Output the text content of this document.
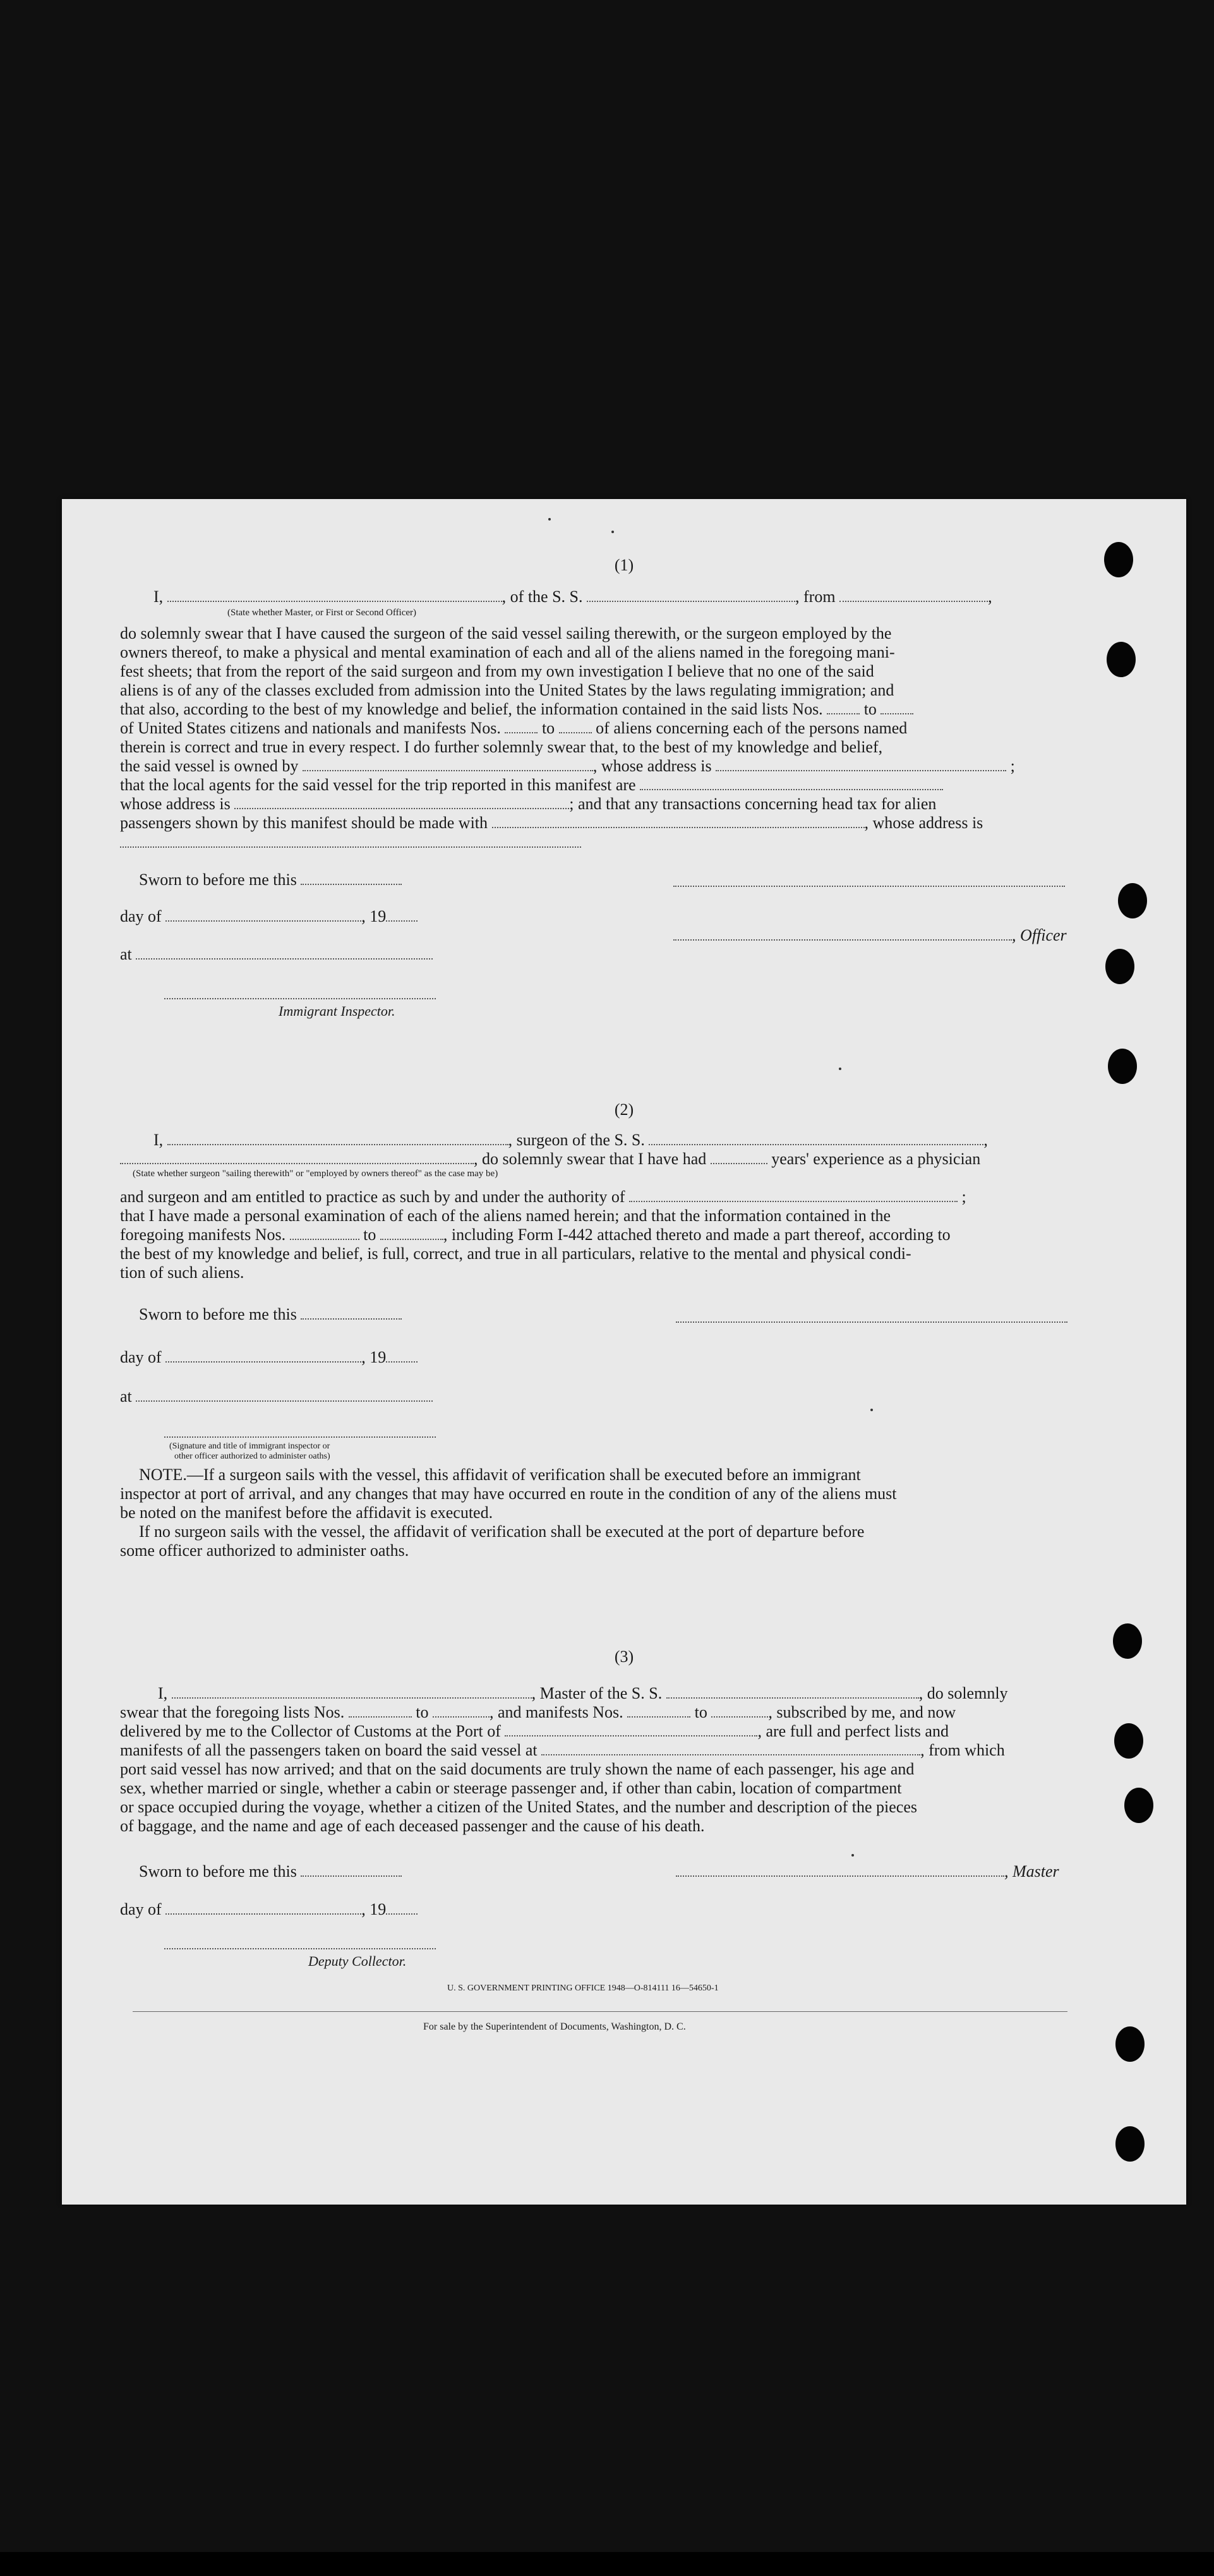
(1)
I,	, of the S. S.	, from	,
(State whether Master, or First or Second Officer)
do solemnly swear that I have caused the surgeon of the said vessel sailing therewith, or the surgeon employed by the
owners thereof, to make a physical and mental examination of each and all of the aliens named in the foregoing mani-
fest sheets; that from the report of the said surgeon and from my own investigation I believe that no one of the said
aliens is of any of the classes excluded from admission into the United States by the laws regulating immigration; and
that also, according to the best of my knowledge and belief, the information contained in the said lists Nos.	to
of United States citizens and nationals and manifests Nos.	to	of aliens concerning each of the persons named
therein is correct and true in every respect. I do further solemnly swear that, to the best of my knowledge and belief,
the said vessel is owned by	, whose address is	;
that the local agents for the said vessel for the trip reported in this manifest are
whose address is	; and that any transactions concerning head tax for alien
passengers shown by this manifest should be made with	, whose address is
Sworn to before me this
day of	, 19
, Officer
at
Immigrant Inspector.
(2)
I,	, surgeon of the S. S.	,
, do solemnly swear that I have had	years' experience as a physician
(State whether surgeon "sailing therewith" or "employed by owners thereof" as the case may be)
and surgeon and am entitled to practice as such by and under the authority of	;
that I have made a personal examination of each of the aliens named herein; and that the information contained in the
foregoing manifests Nos.	to	, including Form I-442 attached thereto and made a part thereof, according to
the best of my knowledge and belief, is full, correct, and true in all particulars, relative to the mental and physical condi-
tion of such aliens.
Sworn to before me this
day of	, 19
at
(Signature and title of immigrant inspector or
other officer authorized to administer oaths)
NOTE.—If a surgeon sails with the vessel, this affidavit of verification shall be executed before an immigrant
inspector at port of arrival, and any changes that may have occurred en route in the condition of any of the aliens must
be noted on the manifest before the affidavit is executed.
If no surgeon sails with the vessel, the affidavit of verification shall be executed at the port of departure before
some officer authorized to administer oaths.
(3)
I,	, Master of the S. S.	, do solemnly
swear that the foregoing lists Nos.	to	, and manifests Nos.	to	, subscribed by me, and now
delivered by me to the Collector of Customs at the Port of	, are full and perfect lists and
manifests of all the passengers taken on board the said vessel at	, from which
port said vessel has now arrived; and that on the said documents are truly shown the name of each passenger, his age and
sex, whether married or single, whether a cabin or steerage passenger and, if other than cabin, location of compartment
or space occupied during the voyage, whether a citizen of the United States, and the number and description of the pieces
of baggage, and the name and age of each deceased passenger and the cause of his death.
Sworn to before me this	, Master
day of	, 19
Deputy Collector.
U. S. GOVERNMENT PRINTING OFFICE 1948—O-814111 16—54650-1
For sale by the Superintendent of Documents, Washington, D. C.
